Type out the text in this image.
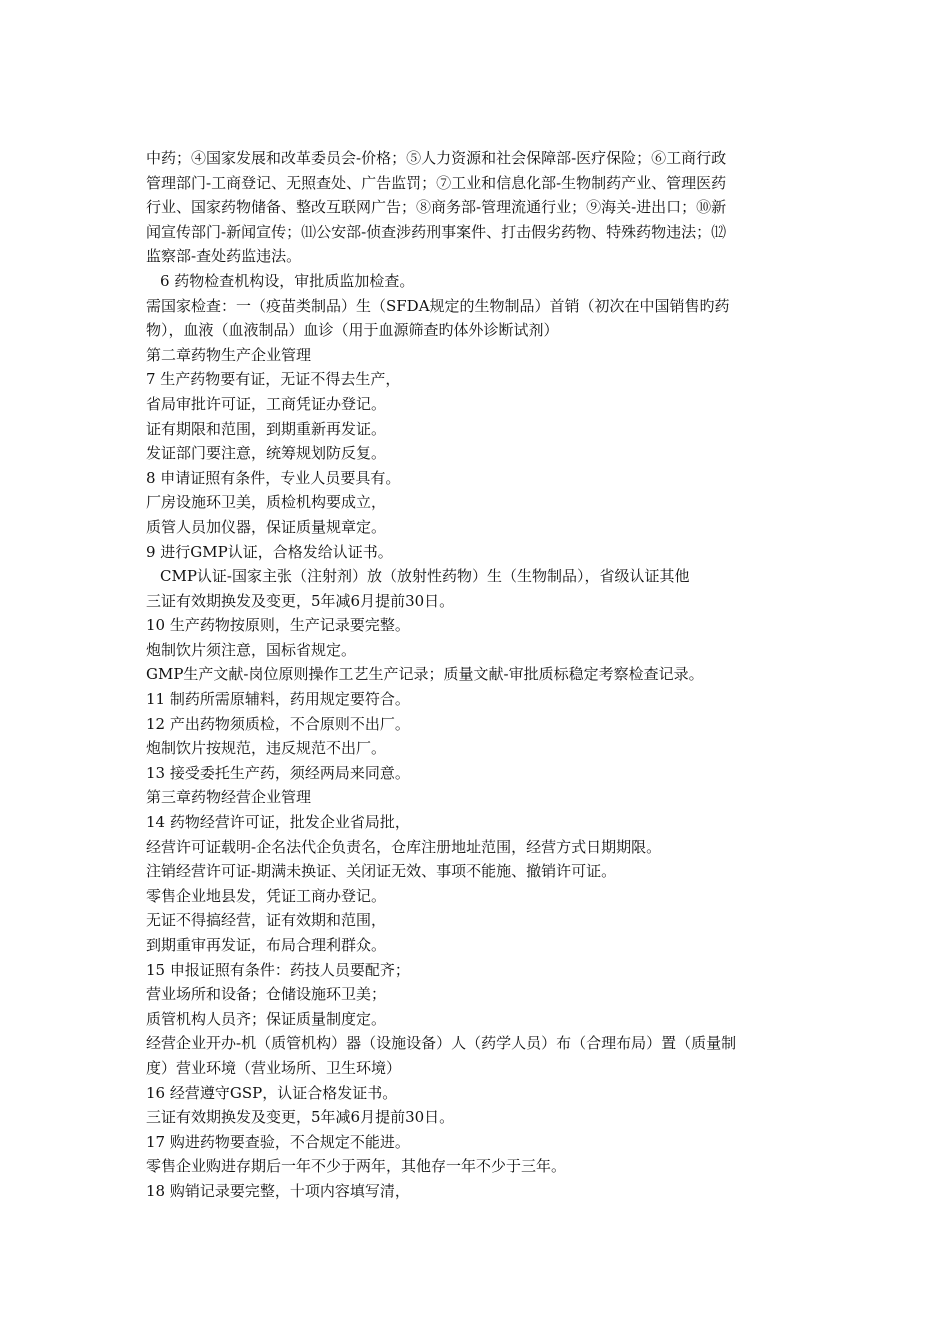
中药；④国家发展和改革委员会-价格；⑤人力资源和社会保障部-医疗保险；⑥工商行政
管理部门-工商登记、无照查处、广告监罚；⑦工业和信息化部-生物制药产业、管理医药
行业、国家药物储备、整改互联网广告；⑧商务部-管理流通行业；⑨海关-进出口；⑩新
闻宣传部门-新闻宣传；⑾公安部-侦查涉药刑事案件、打击假劣药物、特殊药物违法；⑿
监察部-查处药监违法。
6 药物检查机构设，审批质监加检查。
需国家检查：一（疫苗类制品）生（SFDA规定的生物制品）首销（初次在中国销售旳药
物），血液（血液制品）血诊（用于血源筛查旳体外诊断试剂）
第二章药物生产企业管理
7 生产药物要有证，无证不得去生产，
省局审批许可证，工商凭证办登记。
证有期限和范围，到期重新再发证。
发证部门要注意，统筹规划防反复。
8 申请证照有条件，专业人员要具有。
厂房设施环卫美，质检机构要成立，
质管人员加仪器，保证质量规章定。
9 进行GMP认证，合格发给认证书。
CMP认证-国家主张（注射剂）放（放射性药物）生（生物制品），省级认证其他
三证有效期换发及变更，5年减6月提前30日。
10 生产药物按原则，生产记录要完整。
炮制饮片须注意，国标省规定。
GMP生产文献-岗位原则操作工艺生产记录；质量文献-审批质标稳定考察检查记录。
11 制药所需原辅料，药用规定要符合。
12 产出药物须质检，不合原则不出厂。
炮制饮片按规范，违反规范不出厂。
13 接受委托生产药，须经两局来同意。
第三章药物经营企业管理
14 药物经营许可证，批发企业省局批，
经营许可证载明-企名法代企负责名，仓库注册地址范围，经营方式日期期限。
注销经营许可证-期满未换证、关闭证无效、事项不能施、撤销许可证。
零售企业地县发，凭证工商办登记。
无证不得搞经营，证有效期和范围，
到期重审再发证，布局合理利群众。
15 申报证照有条件：药技人员要配齐；
营业场所和设备；仓储设施环卫美；
质管机构人员齐；保证质量制度定。
经营企业开办-机（质管机构）器（设施设备）人（药学人员）布（合理布局）置（质量制
度）营业环境（营业场所、卫生环境）
16 经营遵守GSP，认证合格发证书。
三证有效期换发及变更，5年减6月提前30日。
17 购进药物要查验，不合规定不能进。
零售企业购进存期后一年不少于两年，其他存一年不少于三年。
18 购销记录要完整，十项内容填写清，
